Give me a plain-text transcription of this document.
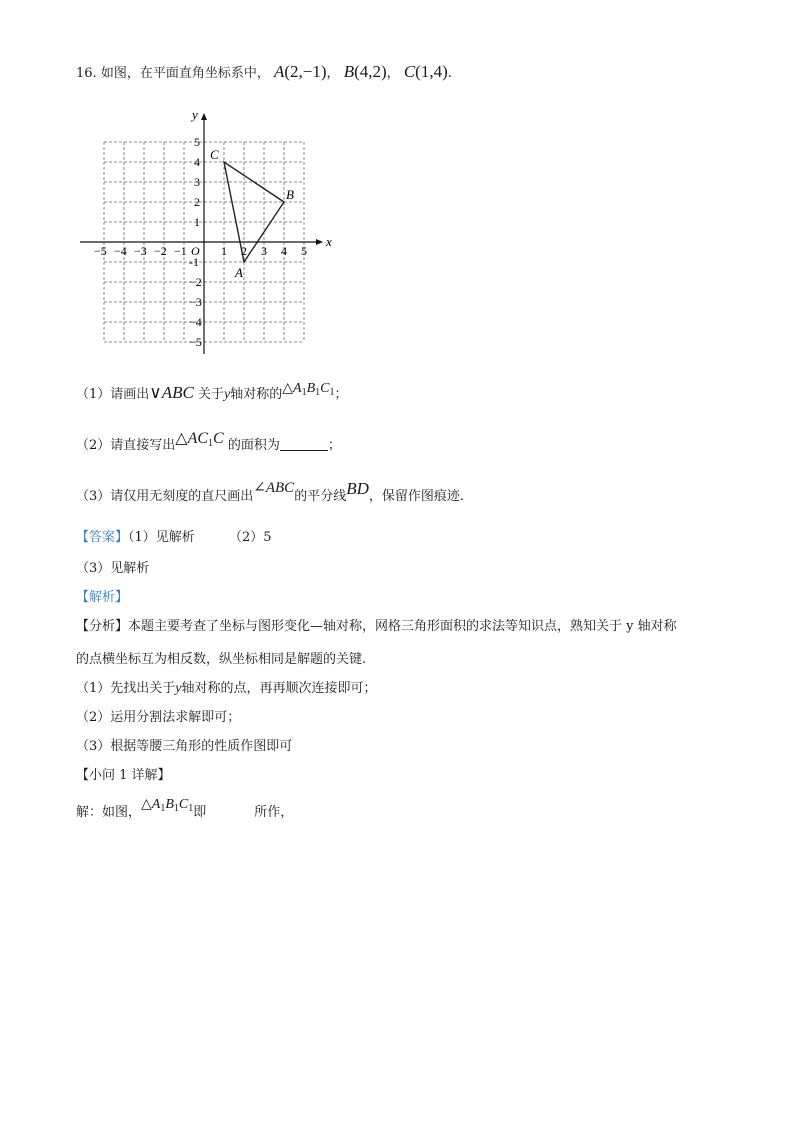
16. 如图，在平面直角坐标系中， A(2,−1)， B(4,2)， C(1,4).
x
y
O
−5 −4 −3 −2 −1	1 2 3 4 5
5
4
3
2
1
-1
−2
−3
−4
−5
A
B
C
（1）请画出∨ABC 关于y轴对称的$\triangle A_1B_1C_1$；
（2）请直接写出$\triangle AC_1C$ 的面积为	；
（3）请仅用无刻度的直尺画出∠ABC的平分线BD，保留作图痕迹.
【答案】（1）见解析	（2）5
（3）见解析
【解析】
【分析】本题主要考查了坐标与图形变化—轴对称，网格三角形面积的求法等知识点，熟知关于 y 轴对称
的点横坐标互为相反数，纵坐标相同是解题的关键.
（1）先找出关于y轴对称的点，再再顺次连接即可；
（2）运用分割法求解即可；
（3）根据等腰三角形的性质作图即可
【小问 1 详解】
解：如图，$\triangle A_1B_1C_1$即	所作，
